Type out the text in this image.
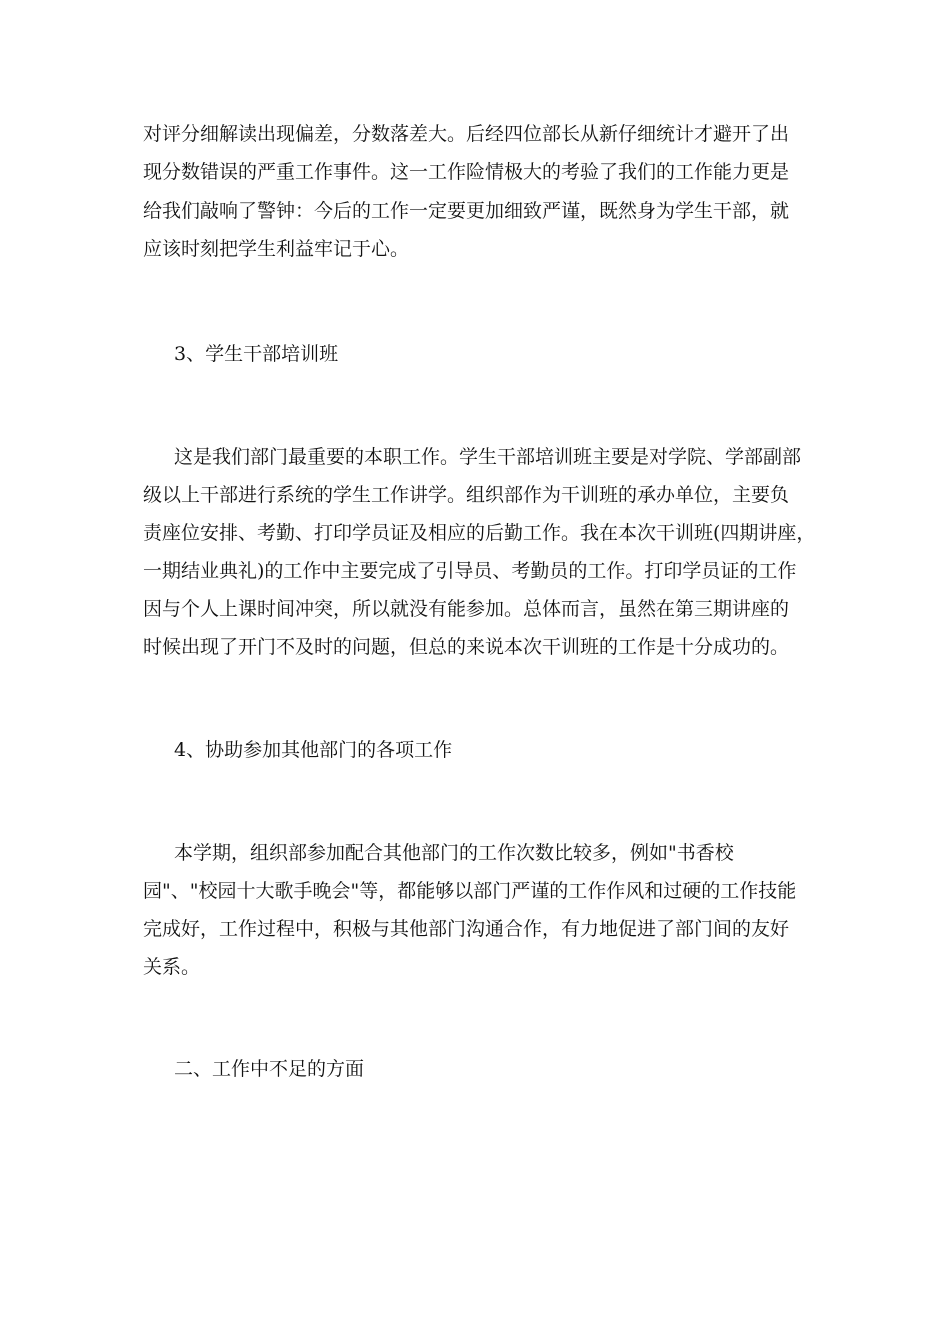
对评分细解读出现偏差，分数落差大。后经四位部长从新仔细统计才避开了出

现分数错误的严重工作事件。这一工作险情极大的考验了我们的工作能力更是

给我们敲响了警钟：今后的工作一定要更加细致严谨，既然身为学生干部，就

应该时刻把学生利益牢记于心。

3、学生干部培训班

这是我们部门最重要的本职工作。学生干部培训班主要是对学院、学部副部

级以上干部进行系统的学生工作讲学。组织部作为干训班的承办单位，主要负

责座位安排、考勤、打印学员证及相应的后勤工作。我在本次干训班(四期讲座，

一期结业典礼)的工作中主要完成了引导员、考勤员的工作。打印学员证的工作

因与个人上课时间冲突，所以就没有能参加。总体而言，虽然在第三期讲座的

时候出现了开门不及时的问题，但总的来说本次干训班的工作是十分成功的。

4、协助参加其他部门的各项工作

本学期，组织部参加配合其他部门的工作次数比较多，例如"书香校

园"、"校园十大歌手晚会"等，都能够以部门严谨的工作作风和过硬的工作技能

完成好，工作过程中，积极与其他部门沟通合作，有力地促进了部门间的友好

关系。

二、工作中不足的方面
